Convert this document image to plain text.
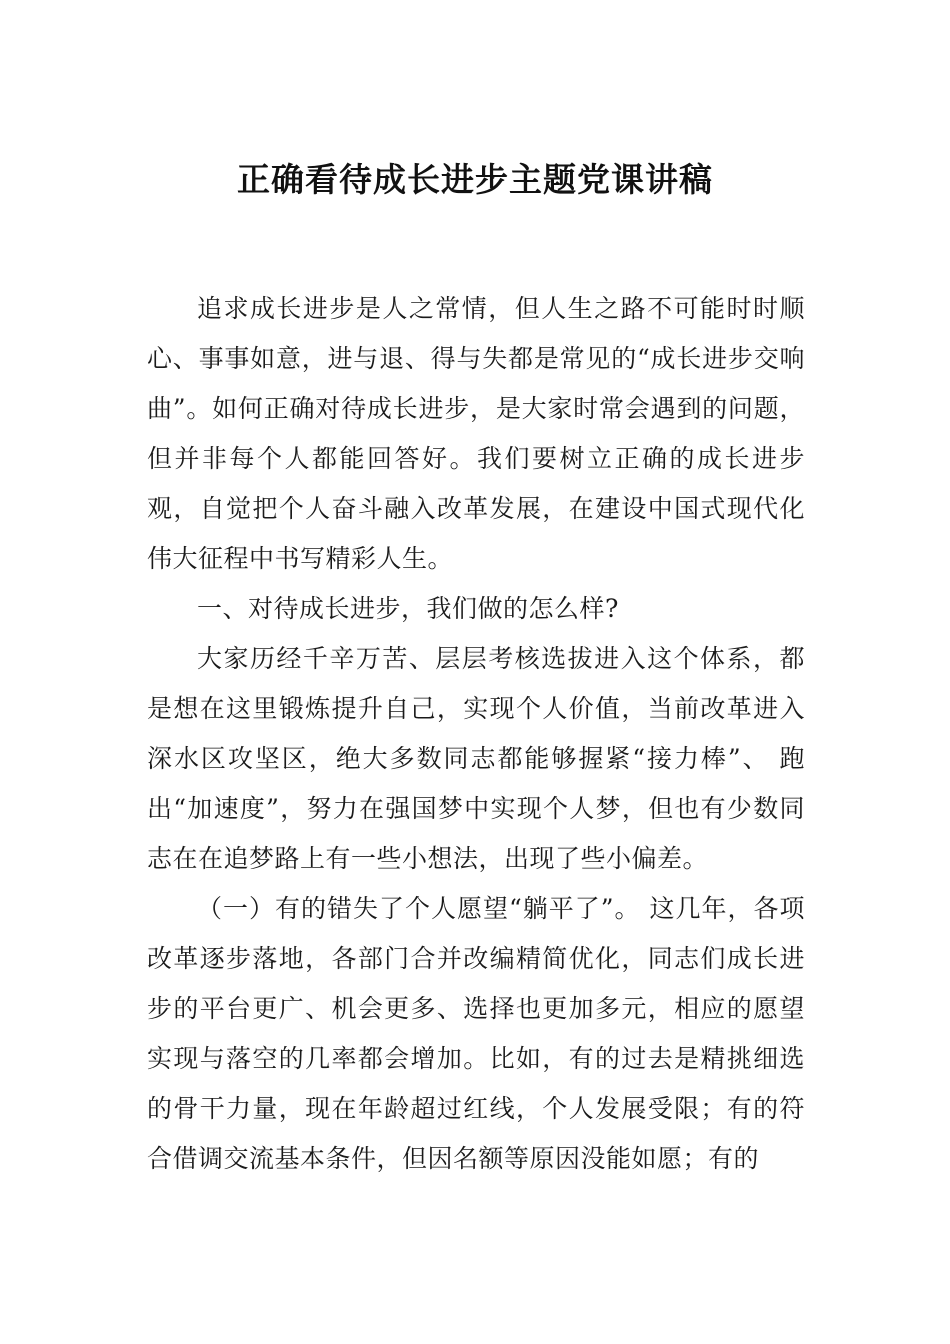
正确看待成长进步主题党课讲稿

追求成长进步是人之常情，但人生之路不可能时时顺心、事事如意，进与退、得与失都是常见的“成长进步交响曲”。如何正确对待成长进步，是大家时常会遇到的问题，但并非每个人都能回答好。我们要树立正确的成长进步观，自觉把个人奋斗融入改革发展，在建设中国式现代化伟大征程中书写精彩人生。

一、对待成长进步，我们做的怎么样?

大家历经千辛万苦、层层考核选拔进入这个体系，都是想在这里锻炼提升自己，实现个人价值，当前改革进入深水区攻坚区，绝大多数同志都能够握紧“接力棒”、 跑出“加速度”，努力在强国梦中实现个人梦，但也有少数同志在在追梦路上有一些小想法，出现了些小偏差。

（一）有的错失了个人愿望“躺平了”。 这几年，各项改革逐步落地，各部门合并改编精简优化，同志们成长进步的平台更广、机会更多、选择也更加多元，相应的愿望实现与落空的几率都会增加。比如，有的过去是精挑细选的骨干力量，现在年龄超过红线，个人发展受限；有的符合借调交流基本条件，但因名额等原因没能如愿；有的
